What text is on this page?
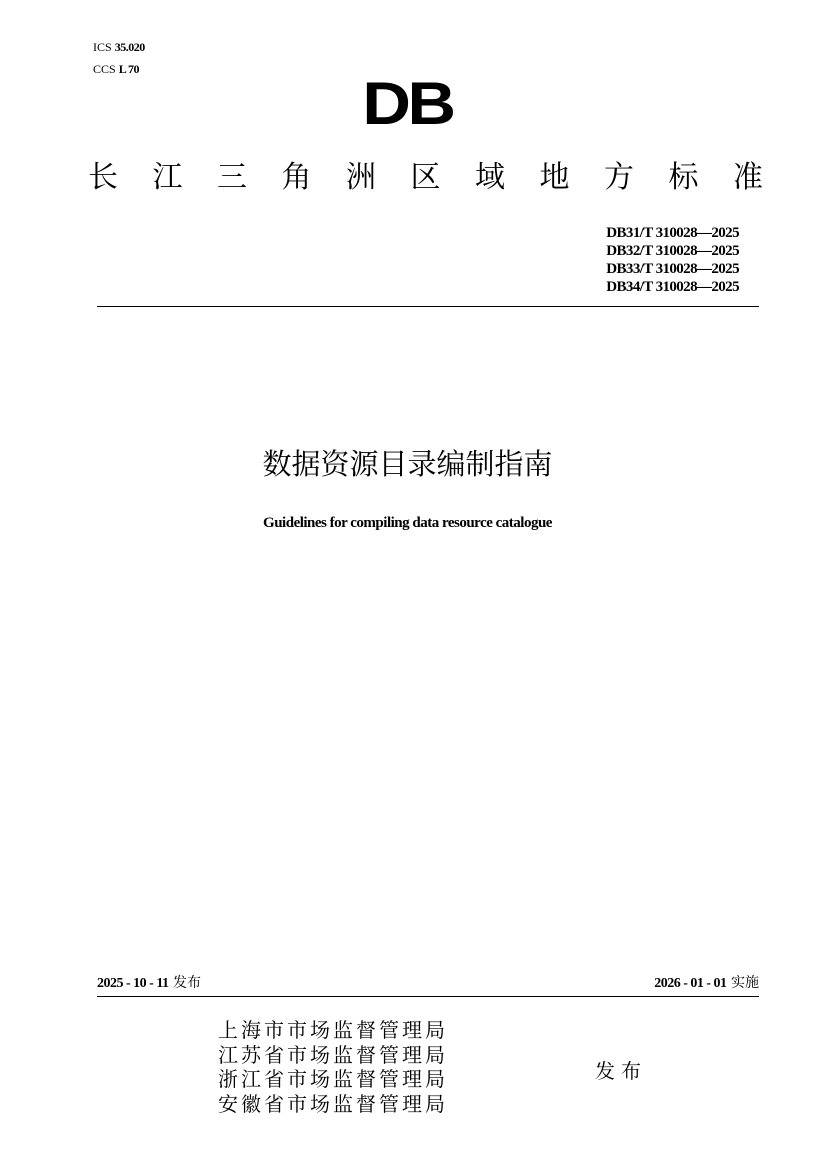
ICS 35.020
CCS L 70
DB
长 江 三 角 洲 区 域 地 方 标 准
DB31/T 310028—2025
DB32/T 310028—2025
DB33/T 310028—2025
DB34/T 310028—2025
数据资源目录编制指南
Guidelines for compiling data resource catalogue
2025 - 10 - 11 发布	2026 - 01 - 01 实施
上海市市场监督管理局
江苏省市场监督管理局
浙江省市场监督管理局
安徽省市场监督管理局
发布
